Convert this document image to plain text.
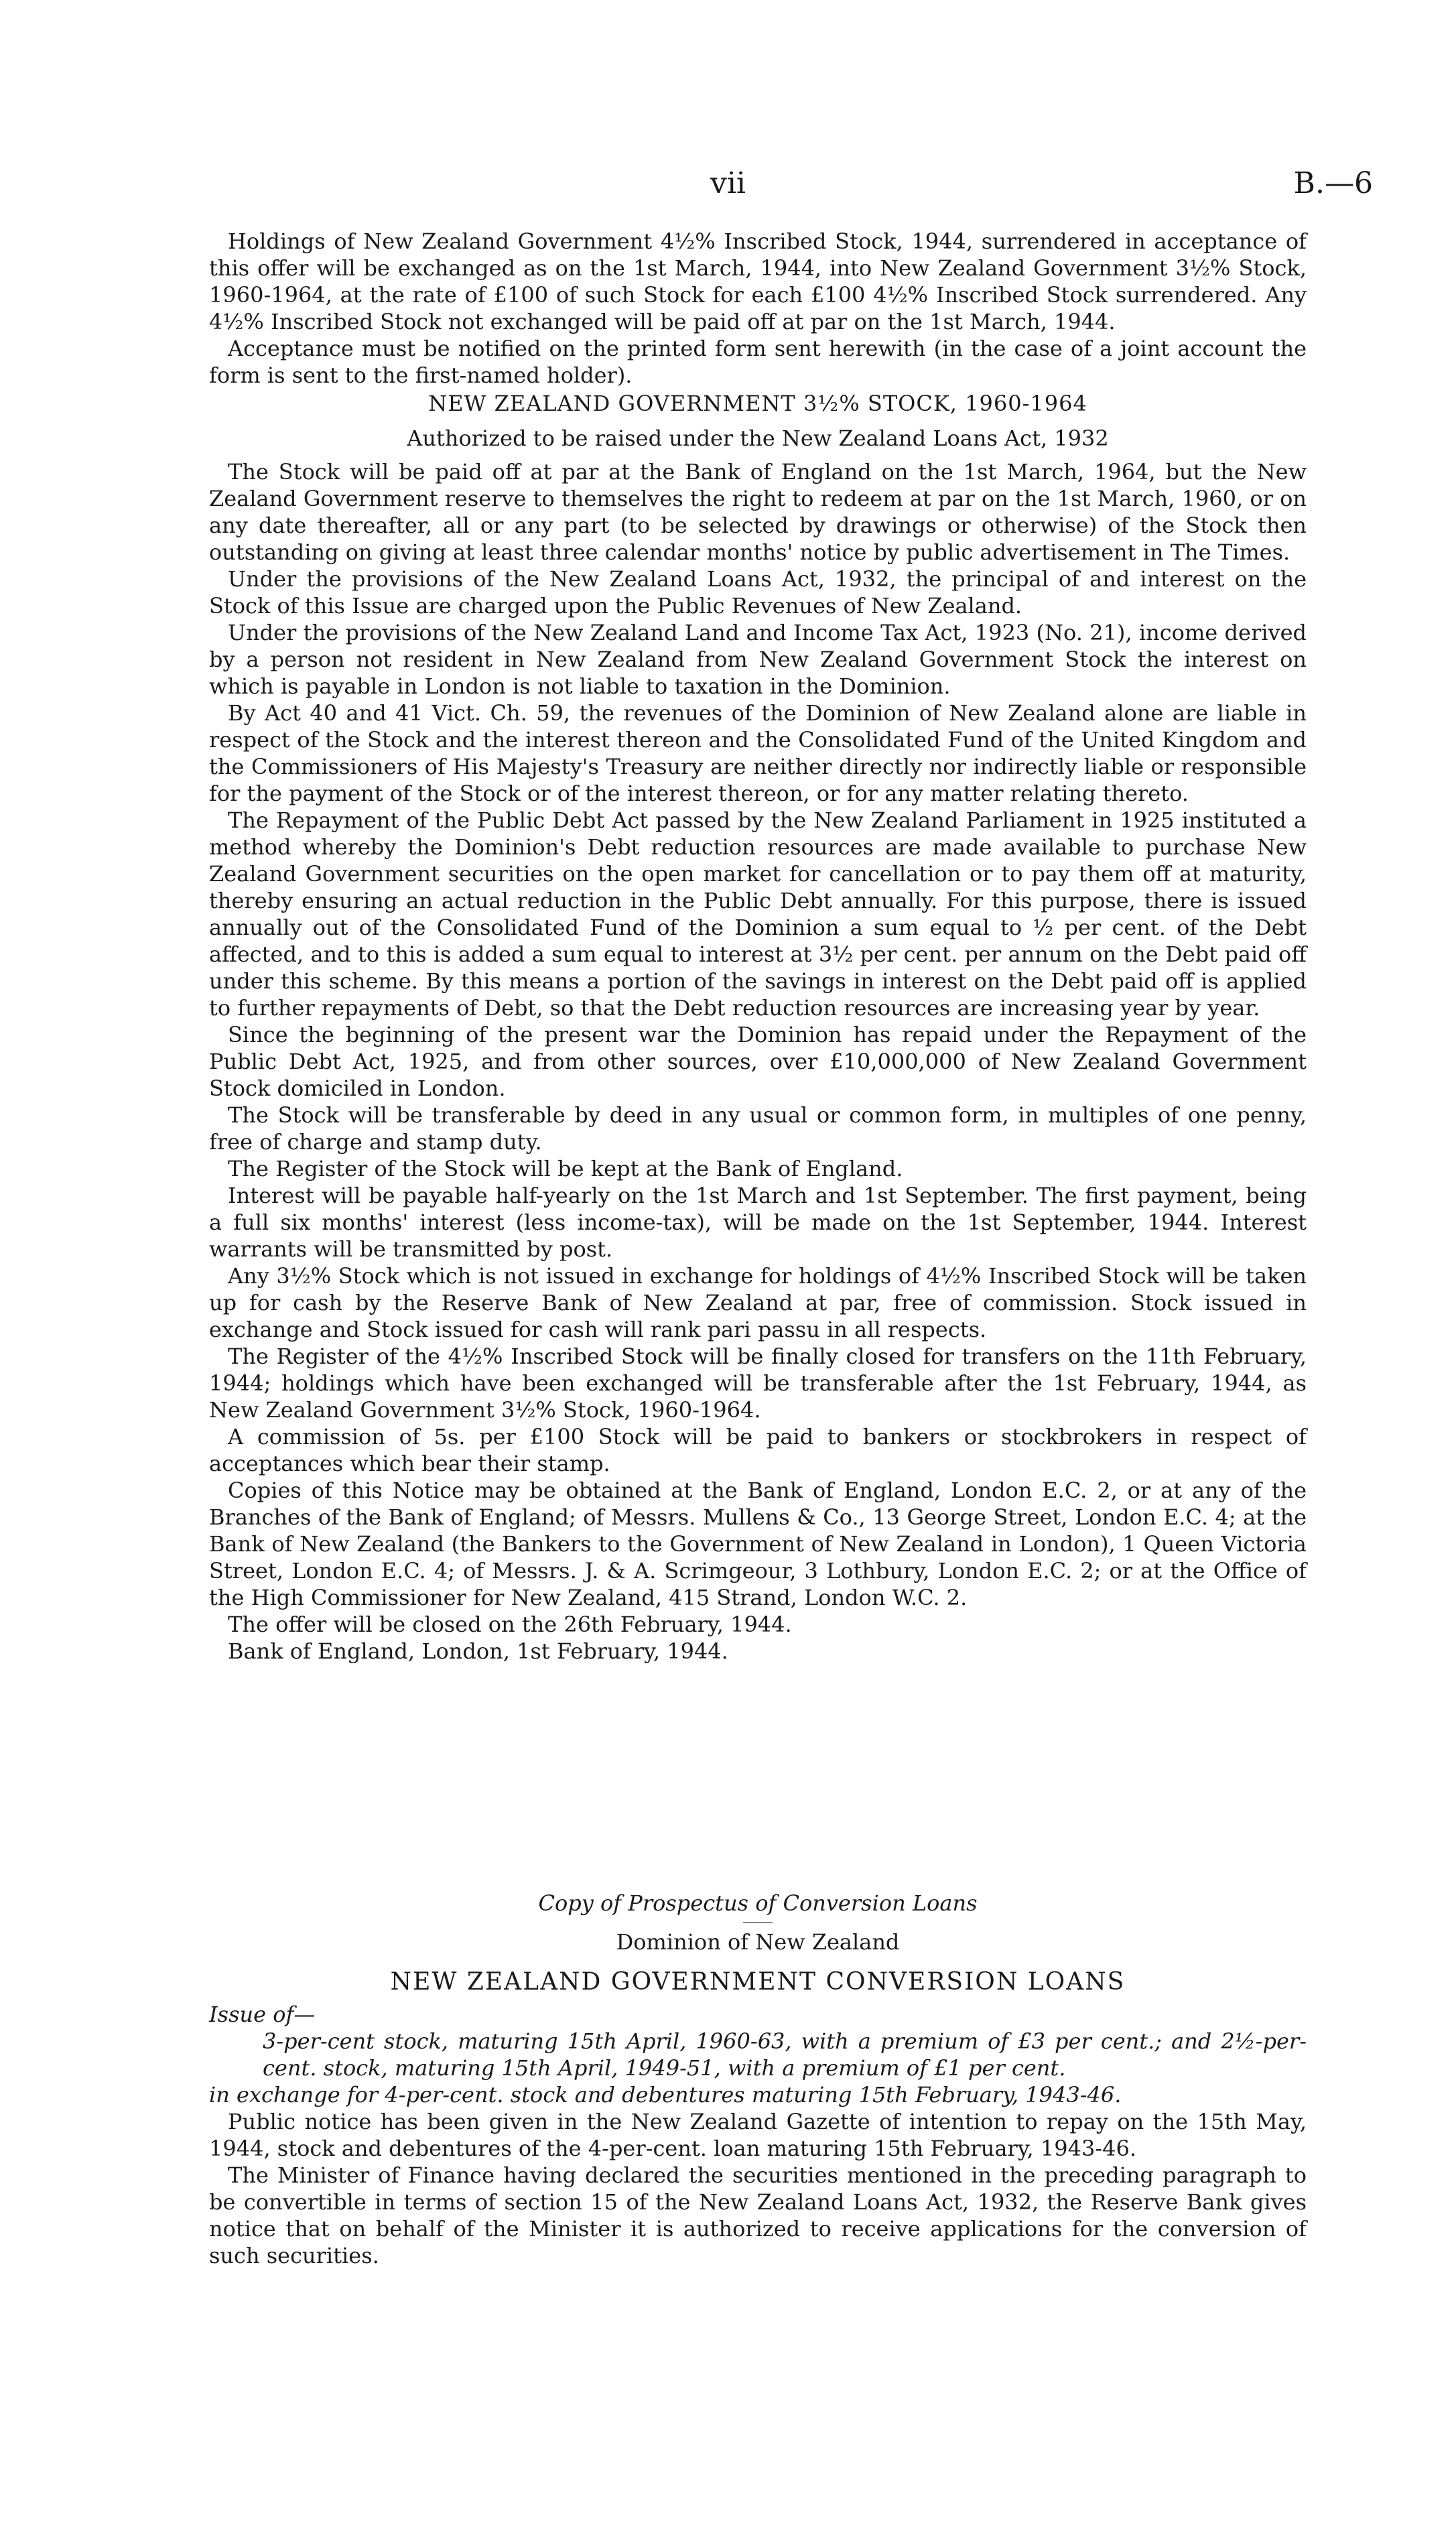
vii	B.—6

Holdings of New Zealand Government 4½% Inscribed Stock, 1944, surrendered in acceptance of this offer will be exchanged as on the 1st March, 1944, into New Zealand Government 3½% Stock, 1960-1964, at the rate of £100 of such Stock for each £100 4½% Inscribed Stock surrendered. Any 4½% Inscribed Stock not exchanged will be paid off at par on the 1st March, 1944.

Acceptance must be notified on the printed form sent herewith (in the case of a joint account the form is sent to the first-named holder).

NEW ZEALAND GOVERNMENT 3½% STOCK, 1960-1964

Authorized to be raised under the New Zealand Loans Act, 1932

The Stock will be paid off at par at the Bank of England on the 1st March, 1964, but the New Zealand Government reserve to themselves the right to redeem at par on the 1st March, 1960, or on any date thereafter, all or any part (to be selected by drawings or otherwise) of the Stock then outstanding on giving at least three calendar months' notice by public advertisement in The Times.

Under the provisions of the New Zealand Loans Act, 1932, the principal of and interest on the Stock of this Issue are charged upon the Public Revenues of New Zealand.

Under the provisions of the New Zealand Land and Income Tax Act, 1923 (No. 21), income derived by a person not resident in New Zealand from New Zealand Government Stock the interest on which is payable in London is not liable to taxation in the Dominion.

By Act 40 and 41 Vict. Ch. 59, the revenues of the Dominion of New Zealand alone are liable in respect of the Stock and the interest thereon and the Consolidated Fund of the United Kingdom and the Commissioners of His Majesty's Treasury are neither directly nor indirectly liable or responsible for the payment of the Stock or of the interest thereon, or for any matter relating thereto.

The Repayment of the Public Debt Act passed by the New Zealand Parliament in 1925 instituted a method whereby the Dominion's Debt reduction resources are made available to purchase New Zealand Government securities on the open market for cancellation or to pay them off at maturity, thereby ensuring an actual reduction in the Public Debt annually. For this purpose, there is issued annually out of the Consolidated Fund of the Dominion a sum equal to ½ per cent. of the Debt affected, and to this is added a sum equal to interest at 3½ per cent. per annum on the Debt paid off under this scheme. By this means a portion of the savings in interest on the Debt paid off is applied to further repayments of Debt, so that the Debt reduction resources are increasing year by year.

Since the beginning of the present war the Dominion has repaid under the Repayment of the Public Debt Act, 1925, and from other sources, over £10,000,000 of New Zealand Government Stock domiciled in London.

The Stock will be transferable by deed in any usual or common form, in multiples of one penny, free of charge and stamp duty.

The Register of the Stock will be kept at the Bank of England.

Interest will be payable half-yearly on the 1st March and 1st September. The first payment, being a full six months' interest (less income-tax), will be made on the 1st September, 1944. Interest warrants will be transmitted by post.

Any 3½% Stock which is not issued in exchange for holdings of 4½% Inscribed Stock will be taken up for cash by the Reserve Bank of New Zealand at par, free of commission. Stock issued in exchange and Stock issued for cash will rank pari passu in all respects.

The Register of the 4½% Inscribed Stock will be finally closed for transfers on the 11th February, 1944; holdings which have been exchanged will be transferable after the 1st February, 1944, as New Zealand Government 3½% Stock, 1960-1964.

A commission of 5s. per £100 Stock will be paid to bankers or stockbrokers in respect of acceptances which bear their stamp.

Copies of this Notice may be obtained at the Bank of England, London E.C. 2, or at any of the Branches of the Bank of England; of Messrs. Mullens & Co., 13 George Street, London E.C. 4; at the Bank of New Zealand (the Bankers to the Government of New Zealand in London), 1 Queen Victoria Street, London E.C. 4; of Messrs. J. & A. Scrimgeour, 3 Lothbury, London E.C. 2; or at the Office of the High Commissioner for New Zealand, 415 Strand, London W.C. 2.

The offer will be closed on the 26th February, 1944.

Bank of England, London, 1st February, 1944.

Copy of Prospectus of Conversion Loans

Dominion of New Zealand

NEW ZEALAND GOVERNMENT CONVERSION LOANS

Issue of—

3-per-cent stock, maturing 15th April, 1960-63, with a premium of £3 per cent.; and 2½-per-cent. stock, maturing 15th April, 1949-51, with a premium of £1 per cent.

in exchange for 4-per-cent. stock and debentures maturing 15th February, 1943-46.

Public notice has been given in the New Zealand Gazette of intention to repay on the 15th May, 1944, stock and debentures of the 4-per-cent. loan maturing 15th February, 1943-46.

The Minister of Finance having declared the securities mentioned in the preceding paragraph to be convertible in terms of section 15 of the New Zealand Loans Act, 1932, the Reserve Bank gives notice that on behalf of the Minister it is authorized to receive applications for the conversion of such securities.
